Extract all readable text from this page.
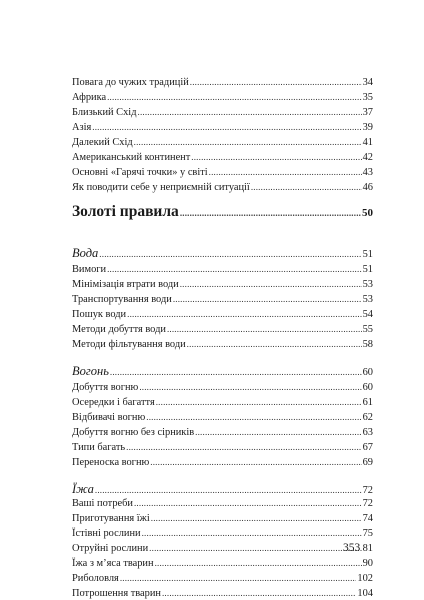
Повага до чужих традицій .....	34
Африка .....	35
Близький Схід .....	37
Азія .....	39
Далекий Схід .....	41
Американський континент .....	42
Основні «Гарячі точки» у світі .....	43
Як поводити себе у неприємній ситуації .....	46
Золоті правила .....	50
Вода .....	51
Вимоги .....	51
Мінімізація втрати води .....	53
Транспортування води .....	53
Пошук води .....	54
Методи добуття води .....	55
Методи фільтування води .....	58
Вогонь .....	60
Добуття вогню .....	60
Осередки і багаття .....	61
Відбивачі вогню .....	62
Добуття вогню без сірників .....	63
Типи багать .....	67
Переноска вогню .....	69
Їжа .....	72
Ваші потреби .....	72
Приготування їжі .....	74
Їстівні рослини .....	75
Отруйні рослини .....	81
Їжа з м’яса тварин .....	90
Риболовля .....	102
Потрошення тварин .....	104
353
